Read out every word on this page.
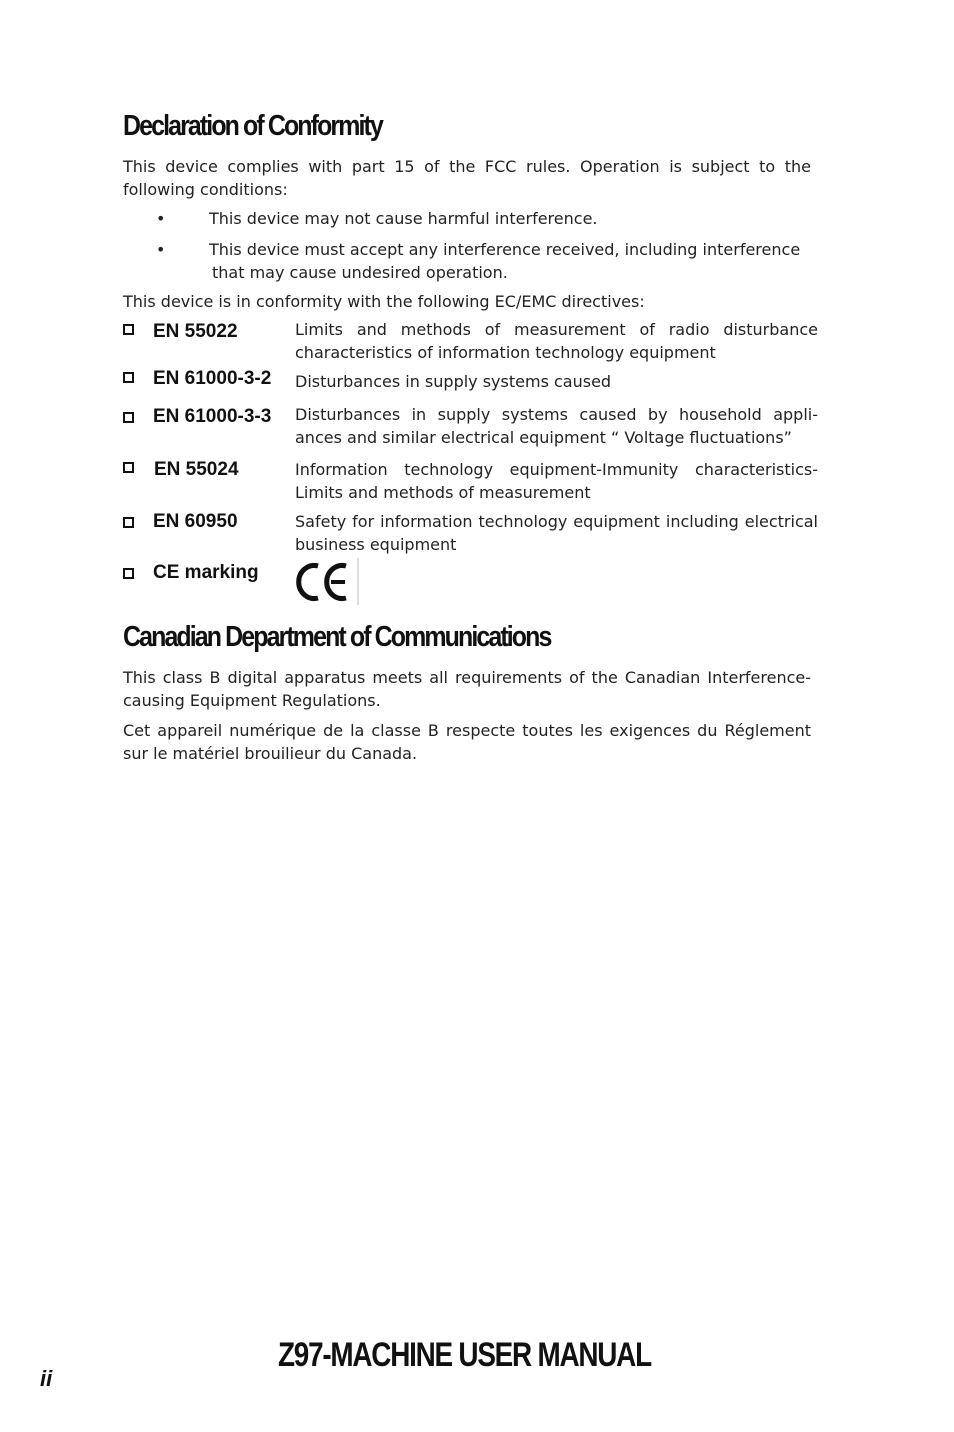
Declaration of Conformity

This device complies with part 15 of the FCC rules. Operation is subject to the following conditions:

•	This device may not cause harmful interference.
•	This device must accept any interference received, including interference
that may cause undesired operation.

This device is in conformity with the following EC/EMC directives:

EN 55022	Limits and methods of measurement of radio disturbance characteristics of information technology equipment
EN 61000-3-2 Disturbances in supply systems caused
EN 61000-3-3 Disturbances in supply systems caused by household appli-ances and similar electrical equipment “ Voltage fluctuations”
EN 55024	Information technology equipment-Immunity characteristics-Limits and methods of measurement
EN 60950	Safety for information technology equipment including electrical business equipment
CE marking
Canadian Department of Communications

This class B digital apparatus meets all requirements of the Canadian Interference-causing Equipment Regulations.

Cet appareil numérique de la classe B respecte toutes les exigences du Réglement sur le matériel brouilieur du Canada.

Z97-MACHINE USER MANUAL
ii
